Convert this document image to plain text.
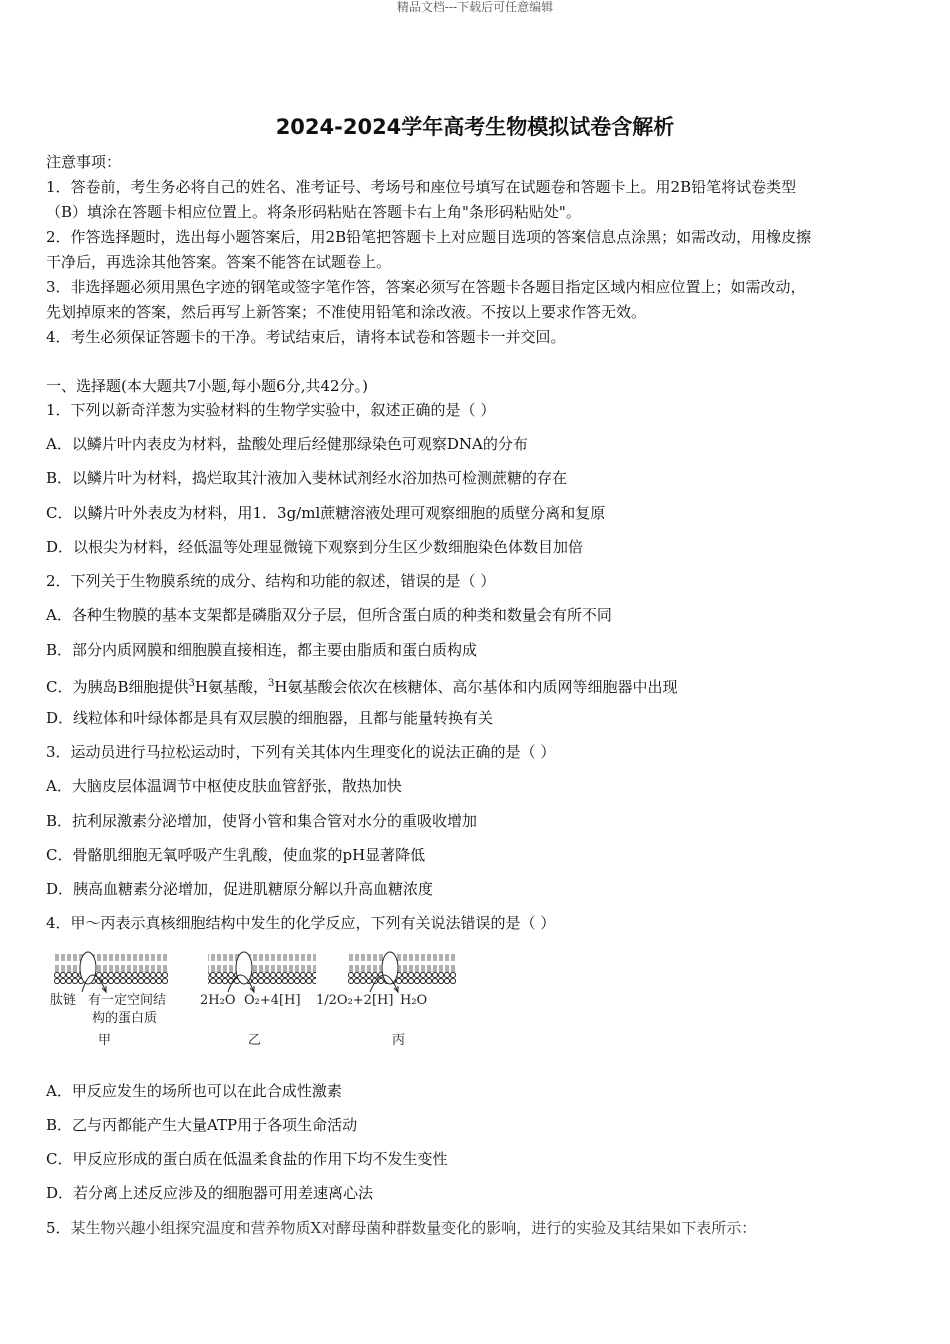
精品文档---下载后可任意编辑
2024-2024学年高考生物模拟试卷含解析
注意事项：
1．答卷前，考生务必将自己的姓名、准考证号、考场号和座位号填写在试题卷和答题卡上。用2B铅笔将试卷类型
（B）填涂在答题卡相应位置上。将条形码粘贴在答题卡右上角"条形码粘贴处"。
2．作答选择题时，选出每小题答案后，用2B铅笔把答题卡上对应题目选项的答案信息点涂黑；如需改动，用橡皮擦
干净后，再选涂其他答案。答案不能答在试题卷上。
3．非选择题必须用黑色字迹的钢笔或签字笔作答，答案必须写在答题卡各题目指定区域内相应位置上；如需改动，
先划掉原来的答案，然后再写上新答案；不准使用铅笔和涂改液。不按以上要求作答无效。
4．考生必须保证答题卡的干净。考试结束后，请将本试卷和答题卡一并交回。
一、选择题(本大题共7小题,每小题6分,共42分。)
1．下列以新奇洋葱为实验材料的生物学实验中，叙述正确的是（ ）
A．以鳞片叶内表皮为材料，盐酸处理后经健那绿染色可观察DNA的分布
B．以鳞片叶为材料，捣烂取其汁液加入斐林试剂经水浴加热可检测蔗糖的存在
C．以鳞片叶外表皮为材料，用1．3g/ml蔗糖溶液处理可观察细胞的质壁分离和复原
D．以根尖为材料，经低温等处理显微镜下观察到分生区少数细胞染色体数目加倍
2．下列关于生物膜系统的成分、结构和功能的叙述，错误的是（ ）
A．各种生物膜的基本支架都是磷脂双分子层，但所含蛋白质的种类和数量会有所不同
B．部分内质网膜和细胞膜直接相连，都主要由脂质和蛋白质构成
C．为胰岛B细胞提供$^3$H氨基酸，$^3$H氨基酸会依次在核糖体、高尔基体和内质网等细胞器中出现
D．线粒体和叶绿体都是具有双层膜的细胞器，且都与能量转换有关
3．运动员进行马拉松运动时，下列有关其体内生理变化的说法正确的是（ ）
A．大脑皮层体温调节中枢使皮肤血管舒张，散热加快
B．抗利尿激素分泌增加，使肾小管和集合管对水分的重吸收增加
C．骨骼肌细胞无氧呼吸产生乳酸，使血浆的pH显著降低
D．胰高血糖素分泌增加，促进肌糖原分解以升高血糖浓度
4．甲～丙表示真核细胞结构中发生的化学反应，下列有关说法错误的是（ ）
肽链 有一定空间结
构的蛋白质
甲
2H₂O O₂+4[H]
乙
1/2O₂+2[H] H₂O
丙
A．甲反应发生的场所也可以在此合成性激素
B．乙与丙都能产生大量ATP用于各项生命活动
C．甲反应形成的蛋白质在低温柔食盐的作用下均不发生变性
D．若分离上述反应涉及的细胞器可用差速离心法
5．某生物兴趣小组探究温度和营养物质X对酵母菌种群数量变化的影响，进行的实验及其结果如下表所示：
